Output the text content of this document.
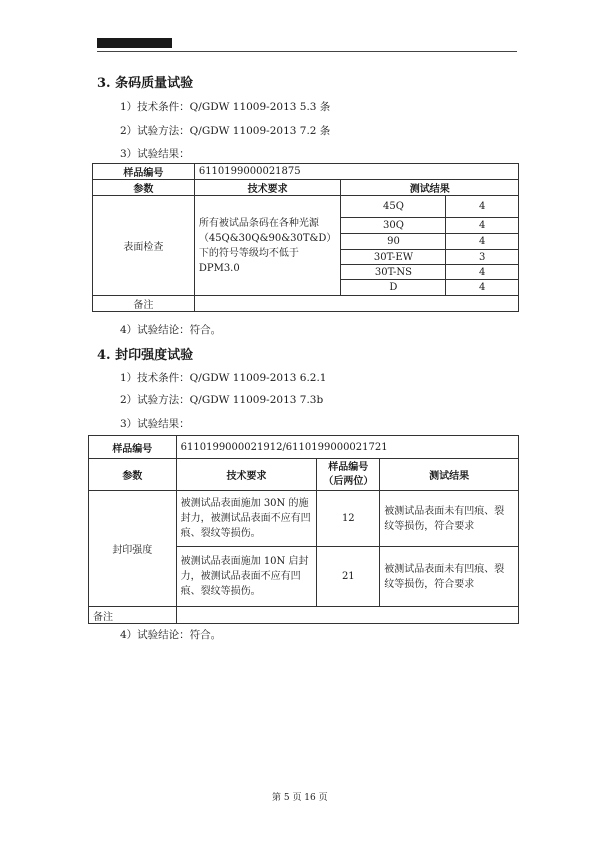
3. 条码质量试验
1）技术条件：Q/GDW 11009-2013 5.3 条
2）试验方法：Q/GDW 11009-2013 7.2 条
3）试验结果：
样品编号	6110199000021875		
参数	技术要求	测试结果	
表面检查	所有被试品条码在各种光源（45Q&30Q&90&30T&D）下的符号等级均不低于 DPM3.0	45Q	4
		30Q	4
		90	4
		30T-EW	3
		30T-NS	4
		D	4
备注			
4）试验结论：符合。
4. 封印强度试验
1）技术条件：Q/GDW 11009-2013 6.2.1
2）试验方法：Q/GDW 11009-2013 7.3b
3）试验结果：
样品编号	6110199000021912/6110199000021721		
参数	技术要求	样品编号（后两位）	测试结果
封印强度	被测试品表面施加 30N 的施封力，被测试品表面不应有凹痕、裂纹等损伤。	12	被测试品表面未有凹痕、裂纹等损伤，符合要求
	被测试品表面施加 10N 启封力，被测试品表面不应有凹痕、裂纹等损伤。	21	被测试品表面未有凹痕、裂纹等损伤，符合要求
备注			
4）试验结论：符合。
第 5 页 16 页
